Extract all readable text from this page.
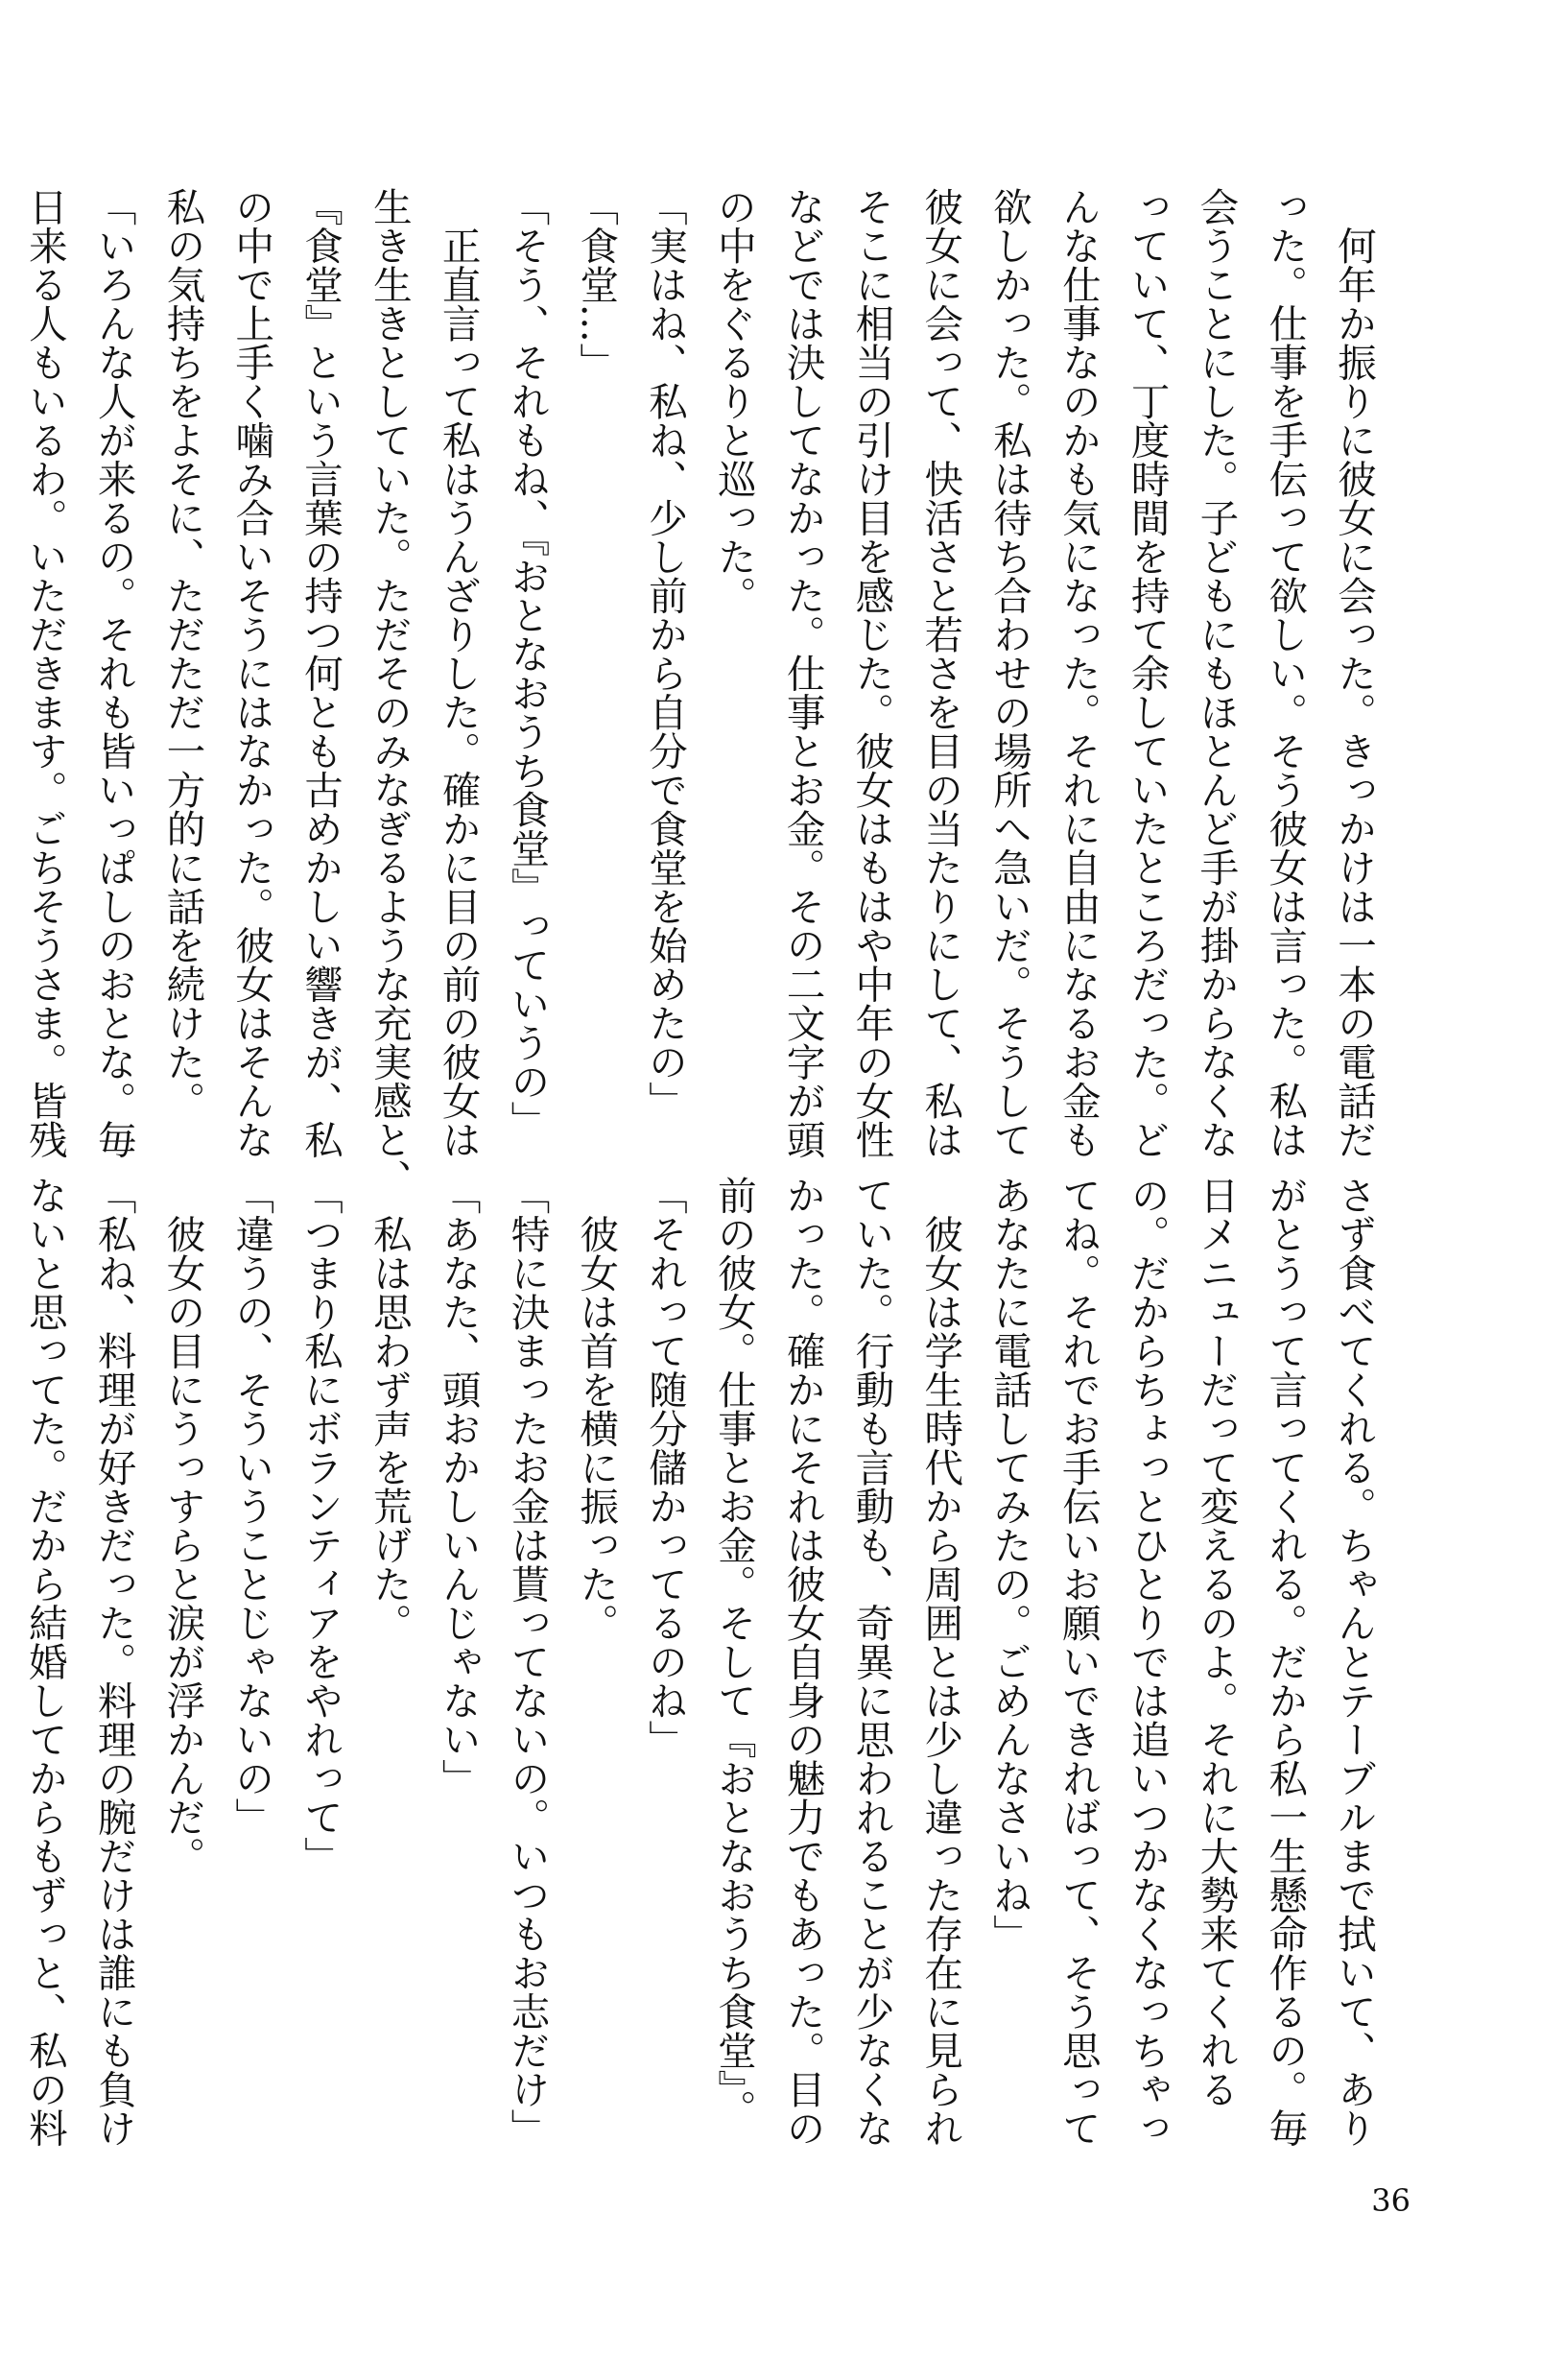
　何年か振りに彼女に会った。きっかけは一本の電話だ
った。仕事を手伝って欲しい。そう彼女は言った。私は
会うことにした。子どもにもほとんど手が掛からなくな
っていて、丁度時間を持て余していたところだった。ど
んな仕事なのかも気になった。それに自由になるお金も
欲しかった。私は待ち合わせの場所へ急いだ。そうして
彼女に会って、快活さと若さを目の当たりにして、私は
そこに相当の引け目を感じた。彼女はもはや中年の女性
などでは決してなかった。仕事とお金。その二文字が頭
の中をぐるりと巡った。
「実はね、私ね、少し前から自分で食堂を始めたの」
「食堂…」
「そう、それもね、『おとなおうち食堂』っていうの」
　正直言って私はうんざりした。確かに目の前の彼女は
生き生きとしていた。ただそのみなぎるような充実感と、
『食堂』という言葉の持つ何とも古めかしい響きが、私
の中で上手く噛み合いそうにはなかった。彼女はそんな
私の気持ちをよそに、ただただ一方的に話を続けた。
「いろんな人が来るの。それも皆いっぱしのおとな。毎
日来る人もいるわ。いただきます。ごちそうさま。皆残
さず食べてくれる。ちゃんとテーブルまで拭いて、あり
がとうって言ってくれる。だから私一生懸命作るの。毎
日メニューだって変えるのよ。それに大勢来てくれる
の。だからちょっとひとりでは追いつかなくなっちゃっ
てね。それでお手伝いお願いできればって、そう思って
あなたに電話してみたの。ごめんなさいね」
　彼女は学生時代から周囲とは少し違った存在に見られ
ていた。行動も言動も、奇異に思われることが少なくな
かった。確かにそれは彼女自身の魅力でもあった。目の
前の彼女。仕事とお金。そして『おとなおうち食堂』。
「それって随分儲かってるのね」
　彼女は首を横に振った。
「特に決まったお金は貰ってないの。いつもお志だけ」
「あなた、頭おかしいんじゃない」
　私は思わず声を荒げた。
「つまり私にボランティアをやれって」
「違うの、そういうことじゃないの」
　彼女の目にうっすらと涙が浮かんだ。
「私ね、料理が好きだった。料理の腕だけは誰にも負け
ないと思ってた。だから結婚してからもずっと、私の料
36
